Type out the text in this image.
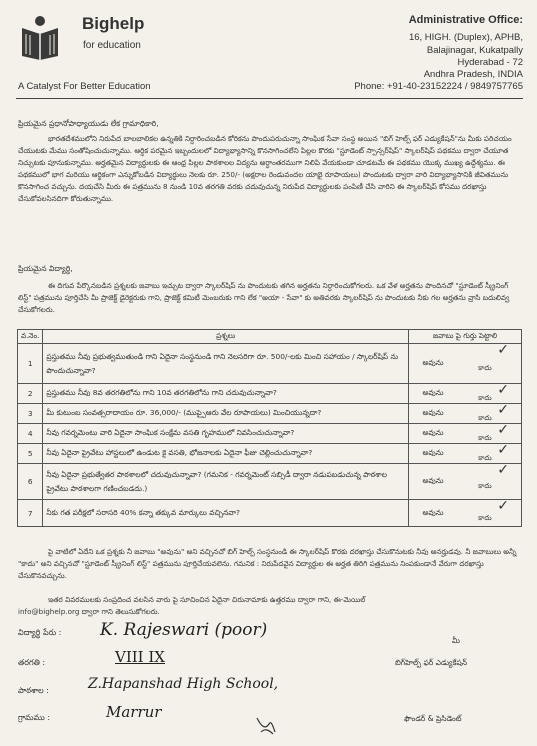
Bighelp
for education
A Catalyst For Better Education
Administrative Office:
16, HIGH. (Duplex), APHB,
Balajinagar, Kukatpally
Hyderabad - 72
Andhra Pradesh, INDIA
Phone: +91-40-23152224 / 9849757765
ప్రియమైన ప్రధానోపాధ్యాయుడు లేక గ్రామాధికారి,
భారతదేశములోని నిరుపేద బాలబాలికల ఉన్నతికి నిర్ధారించబడిన కోరికను పొందుపరుచున్నా సాంఘిక సేవా సంస్థ అయిన "బిగ్ హెల్ప్ ఫర్ ఎడ్యుకేషన్"ను మీకు పరిచయం చేయుటకు మేము సంతోషించుచున్నాము. ఆర్థిక పరమైన ఇబ్బందులలో విద్యాభ్యాసాన్ని కొనసాగించలేని పిల్లల కొరకు "స్టూడెంట్ స్పాన్సర్‌షిప్" స్కాలర్‌షిప్ పథకము ద్వారా చేయూత నిచ్చుటకు పూనుకున్నాము. అర్హతమైన విద్యార్థులకు ఈ ఆంధ్ర పిల్లల పాఠశాలల విద్యను అర్ధాంతరముగా నిలిపి వేయకుండా చూడటమే ఈ పథకము యొక్క ముఖ్య ఉద్దేశ్యము. ఈ పథకములో భాగ మరియు ఆర్థికంగా ఎన్నుకోబడిన విద్యార్థులు నెలకు రూ. 250/- (అక్షరాల రెండువందల యాభై రూపాయలు) పొందుటకు ద్వారా వారి విద్యాభ్యాసానికి జీవితమును కొనసాగించ వచ్చును. దయచేసి మీరు ఈ పత్రమును 8 నుండి 10వ తరగతి వరకు చదువుచున్న నిరుపేద విద్యార్థులకు పంపిణీ చేసి వారిని ఈ స్కాలర్‌షిప్ కోసము దరఖాస్తు చేసుకోవలసినదిగా కోరుతున్నాము.
ప్రియమైన విద్యార్థి,
ఈ దిగువ పేర్కొనబడిన ప్రశ్నలకు జవాబు ఇచ్చుట ద్వారా స్కాలర్‌షిప్ ను పొందుటకు తగిన అర్హతను నిర్ధారించుకోగలరు. ఒక వేళ అర్హతను పొందినచో "స్టూడెంట్ స్క్రీనింగ్ లిస్ట్" పత్రమును పూర్తిచేసి మీ ప్రాజెక్ట్ డైరెక్టరుకు గాని, ప్రాజెక్ట్ కమిటీ మెంబరుకు గాని లేక "అయా - సేవా" కు అతివరకు స్కాలర్‌షిప్ ను పొందుటకు నీకు గల అర్హతను వ్రాసి బదులివ్వ చేసుకోగలరు.
వ.నెం.	ప్రశ్నలు	జవాబు పై గుర్తు పెట్టాలి	
1	ప్రస్తుతము నీవు ప్రభుత్వముతుండి గాని ఏదైనా సంస్థనుండి గాని నెలసరిగా రూ. 500/-లకు మించి సహాయం / స్కాలర్‌షిప్ ను పొందుచున్నావా?	అవును	✓
కాదు
2	ప్రస్తుతము నీవు 8వ తరగతిలోను గాని 10వ తరగతిలోను గాని చదువుచున్నావా?	అవును	✓
కాదు
3	మీ కుటుంబ సంవత్సరాదాయం రూ. 36,000/- (ముప్పైఆరు వేల రూపాయలు) మించియున్నదా?	అవును	✓
కాదు
4	నీవు గవర్నమెంటు వారి ఏదైనా సాంఘిక సంక్షేమ వసతి గృహములో నివసించుచున్నావా?	అవును	✓
కాదు
5	నీవు ఏదైనా ప్రైవేటు హాస్టలులో ఉండుట కై వసతి, భోజనాలకు ఏదైనా ఫీజు చెల్లించుచున్నావా?	అవును	✓
కాదు
6	నీవు ఏదైనా ప్రభుత్వేతర పాఠశాలలో చదువుచున్నావా? (గమనిక - గవర్నమెంట్ సబ్సిడీ ద్వారా నడుపబడుచున్న పాఠశాల ప్రైవేటు పాఠశాలగా గణించబడదు.)	అవును	✓
కాదు
7	నీకు గత పరీక్షలో సరాసరి 40% కన్నా తక్కువ మార్కులు వచ్చినవా?	అవును	✓
కాదు
పై వాటిలో ఏదేని ఒక ప్రశ్నకు నీ జవాబు "అవును" అని వచ్చినచో బిగ్ హెల్ప్ సంస్థనుండి ఈ స్కాలర్‌షిప్ కొరకు దరఖాస్తు చేసుకొనుటకు నీవు అనర్హుడవు. నీ జవాబులు అన్నీ "కాదు" అని వచ్చినచో "స్టూడెంట్ స్క్రీనింగ్ లిస్ట్" పత్రమును పూర్తిచేయవలెను. గమనిక : నిరుపేదవైన విద్యార్థుల ఈ అర్హత తిరిగి పత్రమును నింపకుండానే వేరుగా దరఖాస్తు చేసుకొనవచ్చును.
ఇతర వివరములకు సంప్రదించ వలసిన వారు పై సూచించిన ఏదైనా చిరునామాకు ఉత్తరము ద్వారా గాని, ఈ-మెయిల్
info@bighelp.org ద్వారా గాని తెలుసుకోగలరు.
విద్యార్థి పేరు : K. Rajeswari (poor)
తరగతి :	VIII IX
పాఠశాల :	Z.Hapanshad High School,
గ్రామము :	Marrur
మీ
బిగ్‌హెల్ప్ ఫర్ ఎడ్యుకేషన్
ఫౌండర్ & ప్రెసిడెంట్
